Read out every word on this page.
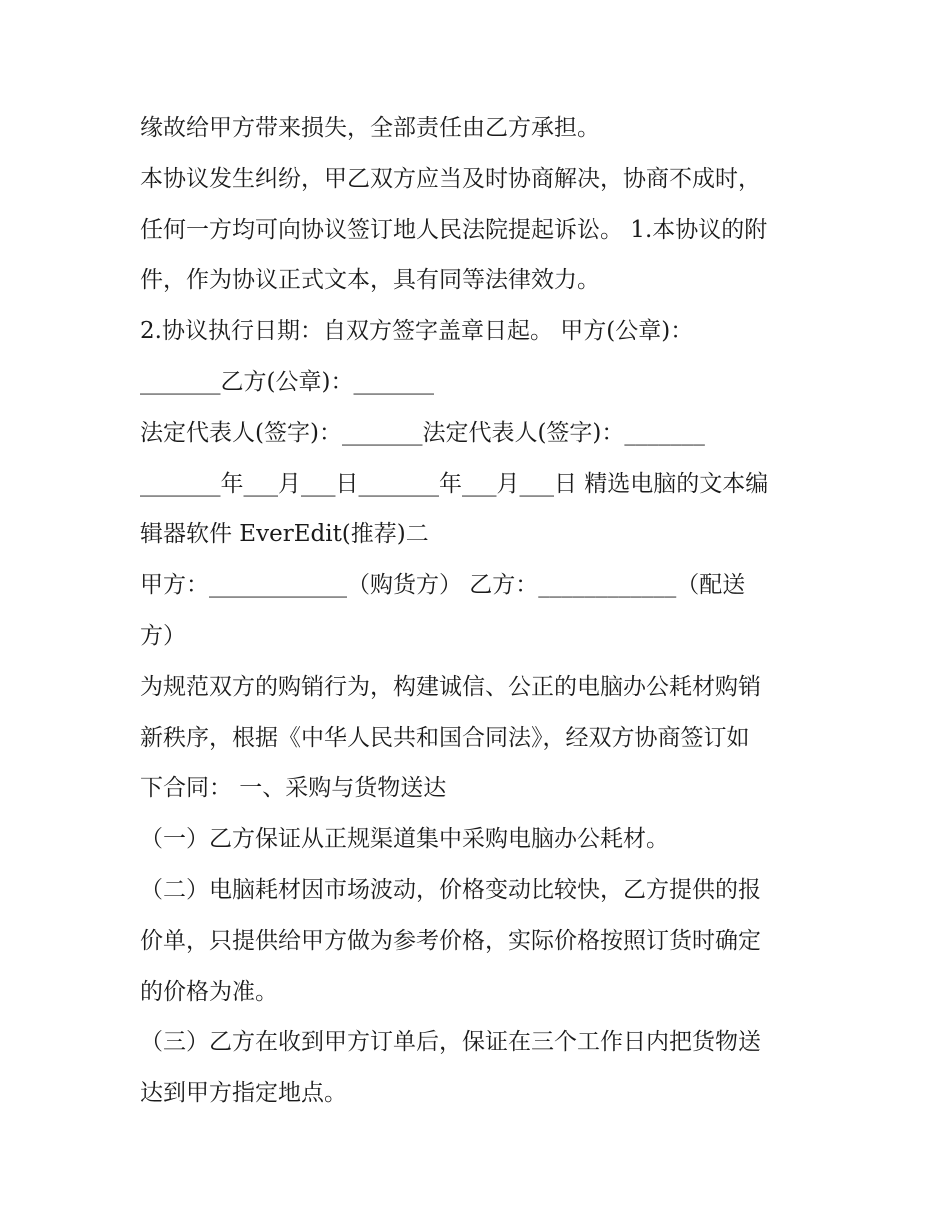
缘故给甲方带来损失，全部责任由乙方承担。
本协议发生纠纷，甲乙双方应当及时协商解决，协商不成时，
任何一方均可向协议签订地人民法院提起诉讼。 1.本协议的附
件，作为协议正式文本，具有同等法律效力。
2.协议执行日期：自双方签字盖章日起。 甲方(公章)：
_______乙方(公章)：_______
法定代表人(签字)：_______法定代表人(签字)：_______
_______年___月___日_______年___月___日 精选电脑的文本编
辑器软件 EverEdit(推荐)二
甲方：____________（购货方） 乙方：____________（配送
方）
为规范双方的购销行为，构建诚信、公正的电脑办公耗材购销
新秩序，根据《中华人民共和国合同法》，经双方协商签订如
下合同： 一、采购与货物送达
（一）乙方保证从正规渠道集中采购电脑办公耗材。
（二）电脑耗材因市场波动，价格变动比较快，乙方提供的报
价单，只提供给甲方做为参考价格，实际价格按照订货时确定
的价格为准。
（三）乙方在收到甲方订单后，保证在三个工作日内把货物送
达到甲方指定地点。
